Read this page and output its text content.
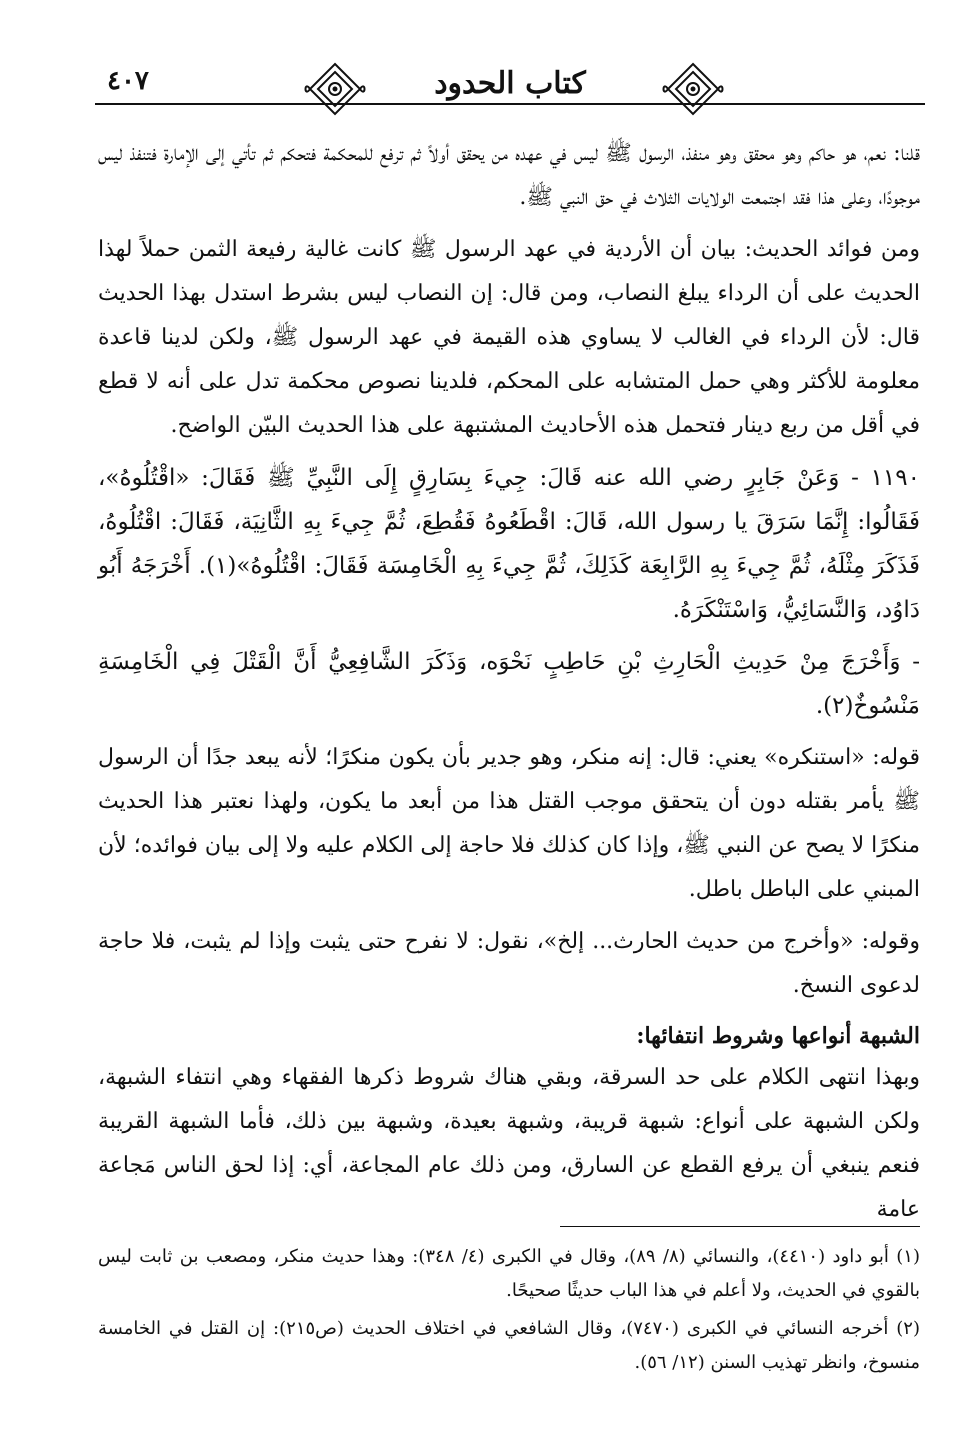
٤٠٧	كتاب الحدود

قلنا: نعم، هو حاكم وهو محقق وهو منفذ، الرسول ﷺ ليس في عهده من يحقق أولاً ثم ترفع للمحكمة فتحكم ثم تأتي إلى الإمارة فتنفذ ليس موجودًا، وعلى هذا فقد اجتمعت الولايات الثلاث في حق النبي ﷺ.

ومن فوائد الحديث: بيان أن الأردية في عهد الرسول ﷺ كانت غالية رفيعة الثمن حملاً لهذا الحديث على أن الرداء يبلغ النصاب، ومن قال: إن النصاب ليس بشرط استدل بهذا الحديث قال: لأن الرداء في الغالب لا يساوي هذه القيمة في عهد الرسول ﷺ، ولكن لدينا قاعدة معلومة للأكثر وهي حمل المتشابه على المحكم، فلدينا نصوص محكمة تدل على أنه لا قطع في أقل من ربع دينار فتحمل هذه الأحاديث المشتبهة على هذا الحديث البيّن الواضح.

١١٩٠ - وَعَنْ جَابِرٍ رضي الله عنه قَالَ: جِيءَ بِسَارِقٍ إِلَى النَّبِيِّ ﷺ فَقَالَ: «اقْتُلُوهُ»، فَقَالُوا: إِنَّمَا سَرَقَ يا رسول الله، قَالَ: اقْطَعُوهُ فَقُطِعَ، ثُمَّ جِيءَ بِهِ الثَّانِيَة، فَقَالَ: اقْتُلُوهُ، فَذَكَرَ مِثْلَهُ، ثُمَّ جِيءَ بِهِ الرَّابِعَة كَذَلِكَ، ثُمَّ جِيءَ بِهِ الْخَامِسَة فَقَالَ: اقْتُلُوهُ»(١). أَخْرَجَهُ أَبُو دَاوُد، وَالنَّسَائِيُّ، وَاسْتَنْكَرَهُ.

- وَأَخْرَجَ مِنْ حَدِيثِ الْحَارِثِ بْنِ حَاطِبٍ نَحْوَه، وَذَكَرَ الشَّافِعِيُّ أَنَّ الْقَتْلَ فِي الْخَامِسَةِ مَنْسُوخٌ(٢).

قوله: «استنكره» يعني: قال: إنه منكر، وهو جدير بأن يكون منكرًا؛ لأنه يبعد جدًا أن الرسول ﷺ يأمر بقتله دون أن يتحقق موجب القتل هذا من أبعد ما يكون، ولهذا نعتبر هذا الحديث منكرًا لا يصح عن النبي ﷺ، وإذا كان كذلك فلا حاجة إلى الكلام عليه ولا إلى بيان فوائده؛ لأن المبني على الباطل باطل.

وقوله: «وأخرج من حديث الحارث... إلخ»، نقول: لا نفرح حتى يثبت وإذا لم يثبت، فلا حاجة لدعوى النسخ.

الشبهة أنواعها وشروط انتفائها:

وبهذا انتهى الكلام على حد السرقة، وبقي هناك شروط ذكرها الفقهاء وهي انتفاء الشبهة، ولكن الشبهة على أنواع: شبهة قريبة، وشبهة بعيدة، وشبهة بين ذلك، فأما الشبهة القريبة فنعم ينبغي أن يرفع القطع عن السارق، ومن ذلك عام المجاعة، أي: إذا لحق الناس مَجاعة عامة

(١) أبو داود (٤٤١٠)، والنسائي (٨/ ٨٩)، وقال في الكبرى (٤/ ٣٤٨): وهذا حديث منكر، ومصعب بن ثابت ليس بالقوي في الحديث، ولا أعلم في هذا الباب حديثًا صحيحًا.

(٢) أخرجه النسائي في الكبرى (٧٤٧٠)، وقال الشافعي في اختلاف الحديث (ص٢١٥): إن القتل في الخامسة منسوخ، وانظر تهذيب السنن (١٢/ ٥٦).
